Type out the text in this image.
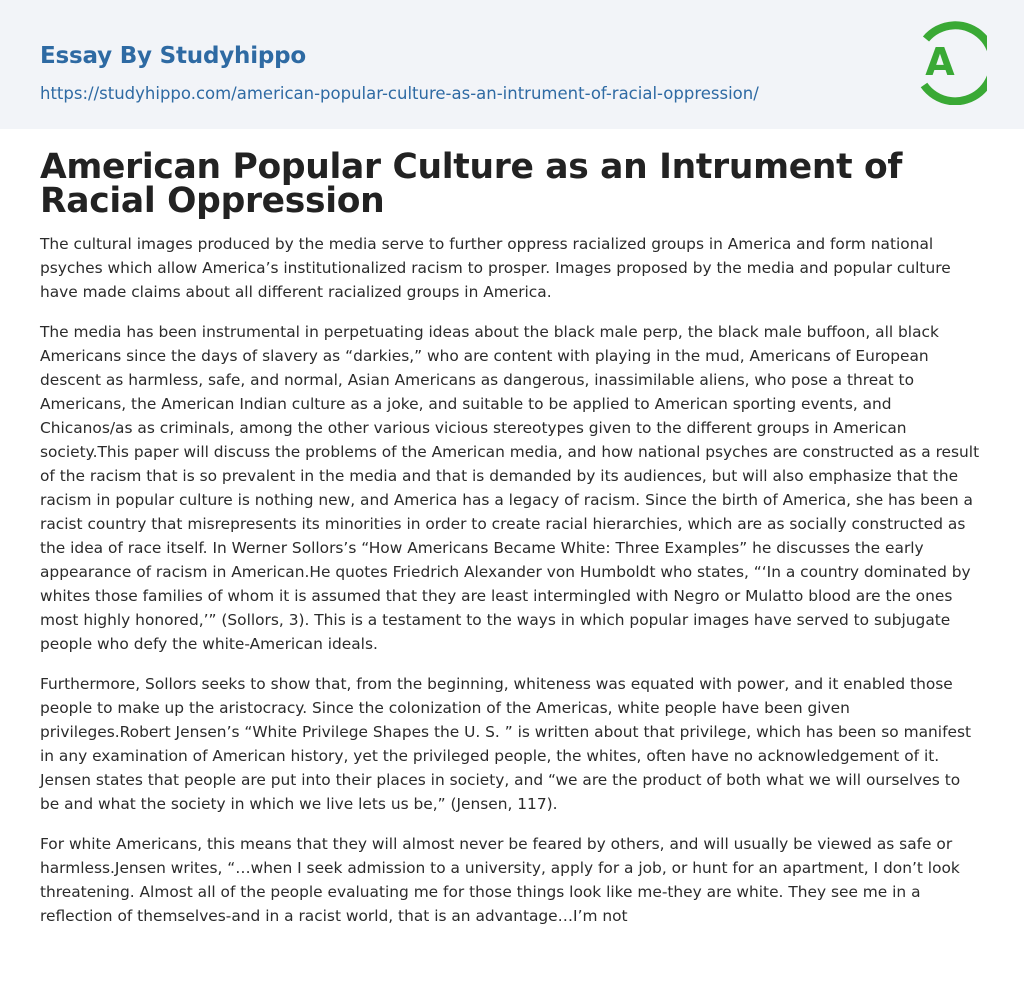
Essay By Studyhippo
https://studyhippo.com/american-popular-culture-as-an-intrument-of-racial-oppression/
A
American Popular Culture as an Intrument of Racial Oppression

The cultural images produced by the media serve to further oppress racialized groups in America and form national psyches which allow America’s institutionalized racism to prosper. Images proposed by the media and popular culture have made claims about all different racialized groups in America.

The media has been instrumental in perpetuating ideas about the black male perp, the black male buffoon, all black Americans since the days of slavery as “darkies,” who are content with playing in the mud, Americans of European descent as harmless, safe, and normal, Asian Americans as dangerous, inassimilable aliens, who pose a threat to Americans, the American Indian culture as a joke, and suitable to be applied to American sporting events, and Chicanos/as as criminals, among the other various vicious stereotypes given to the different groups in American society.This paper will discuss the problems of the American media, and how national psyches are constructed as a result of the racism that is so prevalent in the media and that is demanded by its audiences, but will also emphasize that the racism in popular culture is nothing new, and America has a legacy of racism. Since the birth of America, she has been a racist country that misrepresents its minorities in order to create racial hierarchies, which are as socially constructed as the idea of race itself. In Werner Sollors’s “How Americans Became White: Three Examples” he discusses the early appearance of racism in American.He quotes Friedrich Alexander von Humboldt who states, “‘In a country dominated by whites those families of whom it is assumed that they are least intermingled with Negro or Mulatto blood are the ones most highly honored,’” (Sollors, 3). This is a testament to the ways in which popular images have served to subjugate people who defy the white-American ideals.

Furthermore, Sollors seeks to show that, from the beginning, whiteness was equated with power, and it enabled those people to make up the aristocracy. Since the colonization of the Americas, white people have been given privileges.Robert Jensen’s “White Privilege Shapes the U. S. ” is written about that privilege, which has been so manifest in any examination of American history, yet the privileged people, the whites, often have no acknowledgement of it. Jensen states that people are put into their places in society, and “we are the product of both what we will ourselves to be and what the society in which we live lets us be,” (Jensen, 117).

For white Americans, this means that they will almost never be feared by others, and will usually be viewed as safe or harmless.Jensen writes, “…when I seek admission to a university, apply for a job, or hunt for an apartment, I don’t look threatening. Almost all of the people evaluating me for those things look like me-they are white. They see me in a reflection of themselves-and in a racist world, that is an advantage…I’m not
